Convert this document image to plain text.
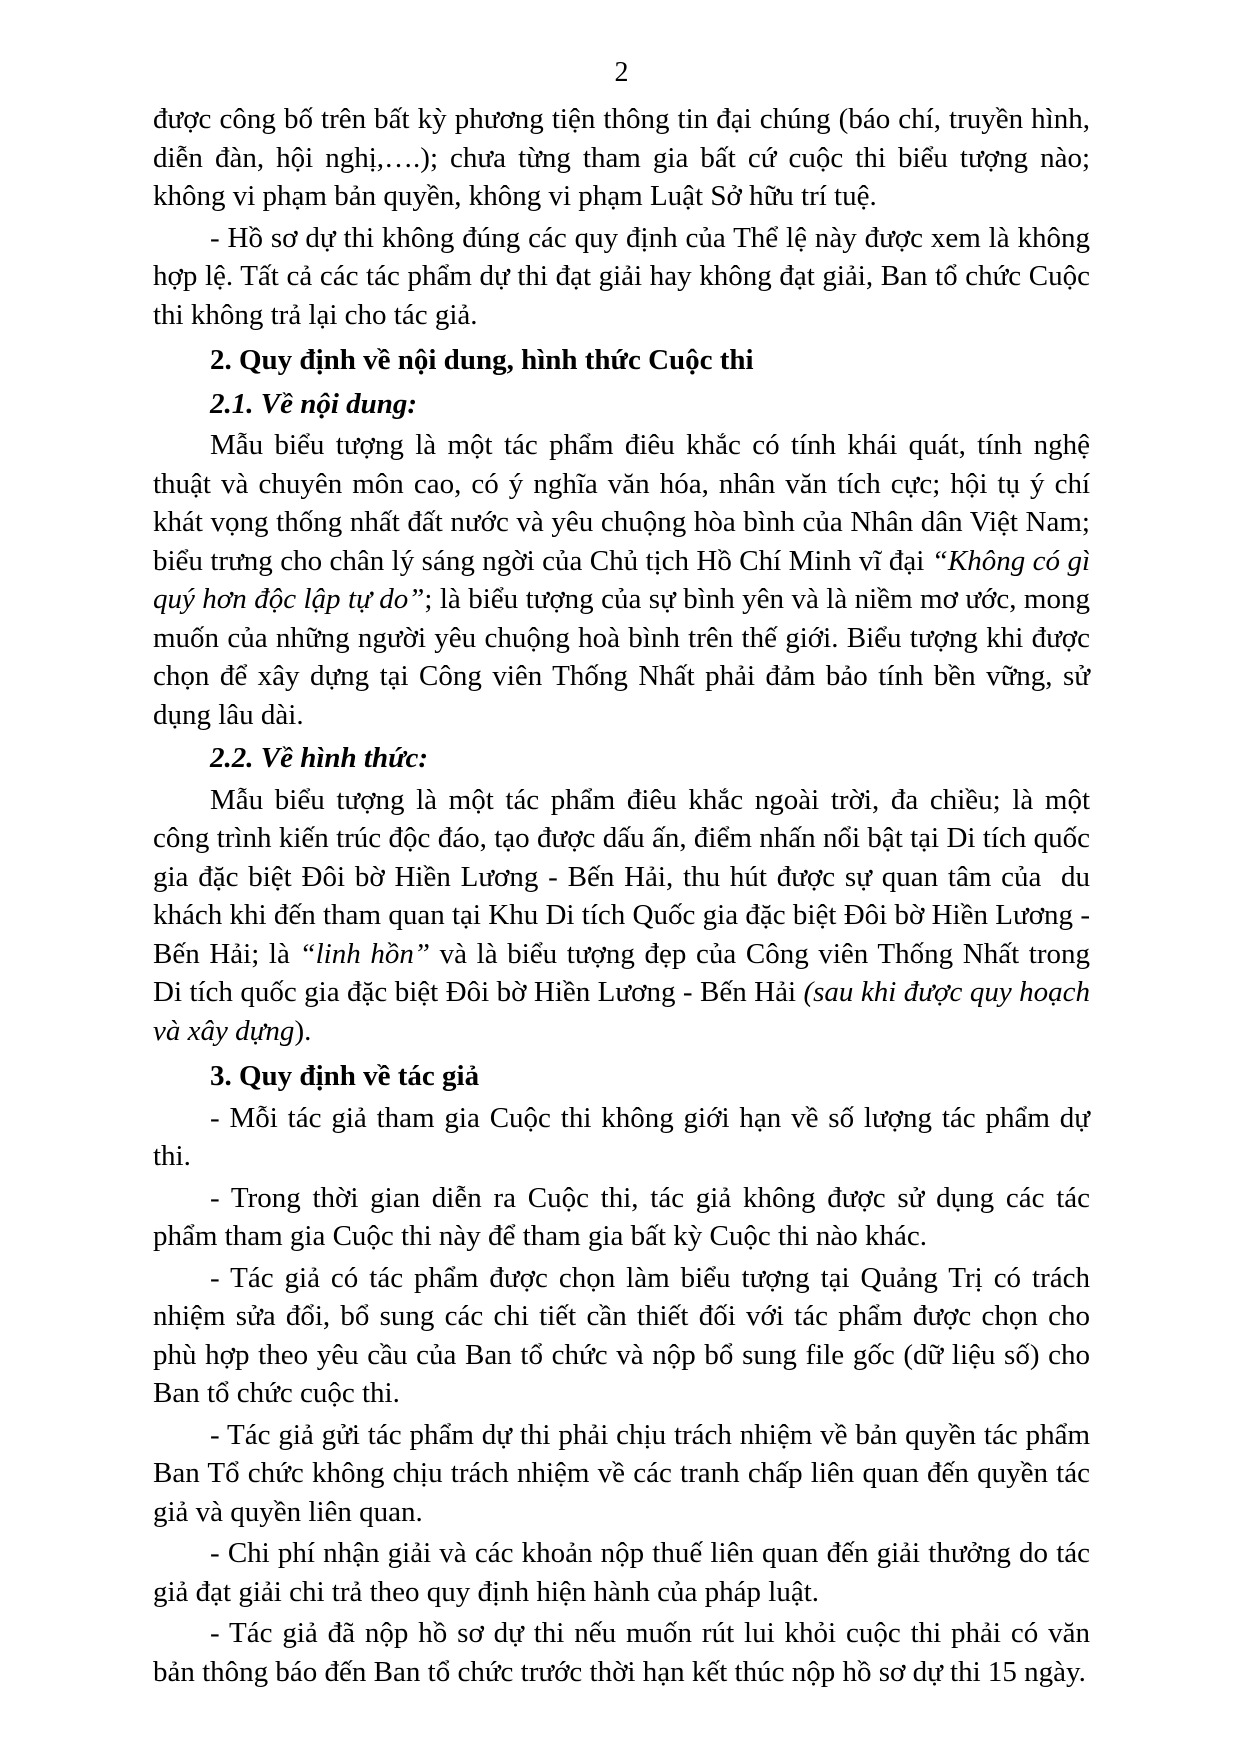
2

được công bố trên bất kỳ phương tiện thông tin đại chúng (báo chí, truyền hình, diễn đàn, hội nghị,….); chưa từng tham gia bất cứ cuộc thi biểu tượng nào; không vi phạm bản quyền, không vi phạm Luật Sở hữu trí tuệ.

- Hồ sơ dự thi không đúng các quy định của Thể lệ này được xem là không hợp lệ. Tất cả các tác phẩm dự thi đạt giải hay không đạt giải, Ban tổ chức Cuộc thi không trả lại cho tác giả.

2. Quy định về nội dung, hình thức Cuộc thi

2.1. Về nội dung:

Mẫu biểu tượng là một tác phẩm điêu khắc có tính khái quát, tính nghệ thuật và chuyên môn cao, có ý nghĩa văn hóa, nhân văn tích cực; hội tụ ý chí khát vọng thống nhất đất nước và yêu chuộng hòa bình của Nhân dân Việt Nam; biểu trưng cho chân lý sáng ngời của Chủ tịch Hồ Chí Minh vĩ đại “Không có gì quý hơn độc lập tự do”; là biểu tượng của sự bình yên và là niềm mơ ước, mong muốn của những người yêu chuộng hoà bình trên thế giới. Biểu tượng khi được chọn để xây dựng tại Công viên Thống Nhất phải đảm bảo tính bền vững, sử dụng lâu dài.

2.2. Về hình thức:

Mẫu biểu tượng là một tác phẩm điêu khắc ngoài trời, đa chiều; là một công trình kiến trúc độc đáo, tạo được dấu ấn, điểm nhấn nổi bật tại Di tích quốc gia đặc biệt Đôi bờ Hiền Lương - Bến Hải, thu hút được sự quan tâm của  du khách khi đến tham quan tại Khu Di tích Quốc gia đặc biệt Đôi bờ Hiền Lương - Bến Hải; là “linh hồn” và là biểu tượng đẹp của Công viên Thống Nhất trong Di tích quốc gia đặc biệt Đôi bờ Hiền Lương - Bến Hải (sau khi được quy hoạch và xây dựng).

3. Quy định về tác giả

- Mỗi tác giả tham gia Cuộc thi không giới hạn về số lượng tác phẩm dự thi.

- Trong thời gian diễn ra Cuộc thi, tác giả không được sử dụng các tác phẩm tham gia Cuộc thi này để tham gia bất kỳ Cuộc thi nào khác.

- Tác giả có tác phẩm được chọn làm biểu tượng tại Quảng Trị có trách nhiệm sửa đổi, bổ sung các chi tiết cần thiết đối với tác phẩm được chọn cho phù hợp theo yêu cầu của Ban tổ chức và nộp bổ sung file gốc (dữ liệu số) cho Ban tổ chức cuộc thi.

- Tác giả gửi tác phẩm dự thi phải chịu trách nhiệm về bản quyền tác phẩm Ban Tổ chức không chịu trách nhiệm về các tranh chấp liên quan đến quyền tác giả và quyền liên quan.

- Chi phí nhận giải và các khoản nộp thuế liên quan đến giải thưởng do tác giả đạt giải chi trả theo quy định hiện hành của pháp luật.

- Tác giả đã nộp hồ sơ dự thi nếu muốn rút lui khỏi cuộc thi phải có văn bản thông báo đến Ban tổ chức trước thời hạn kết thúc nộp hồ sơ dự thi 15 ngày.
